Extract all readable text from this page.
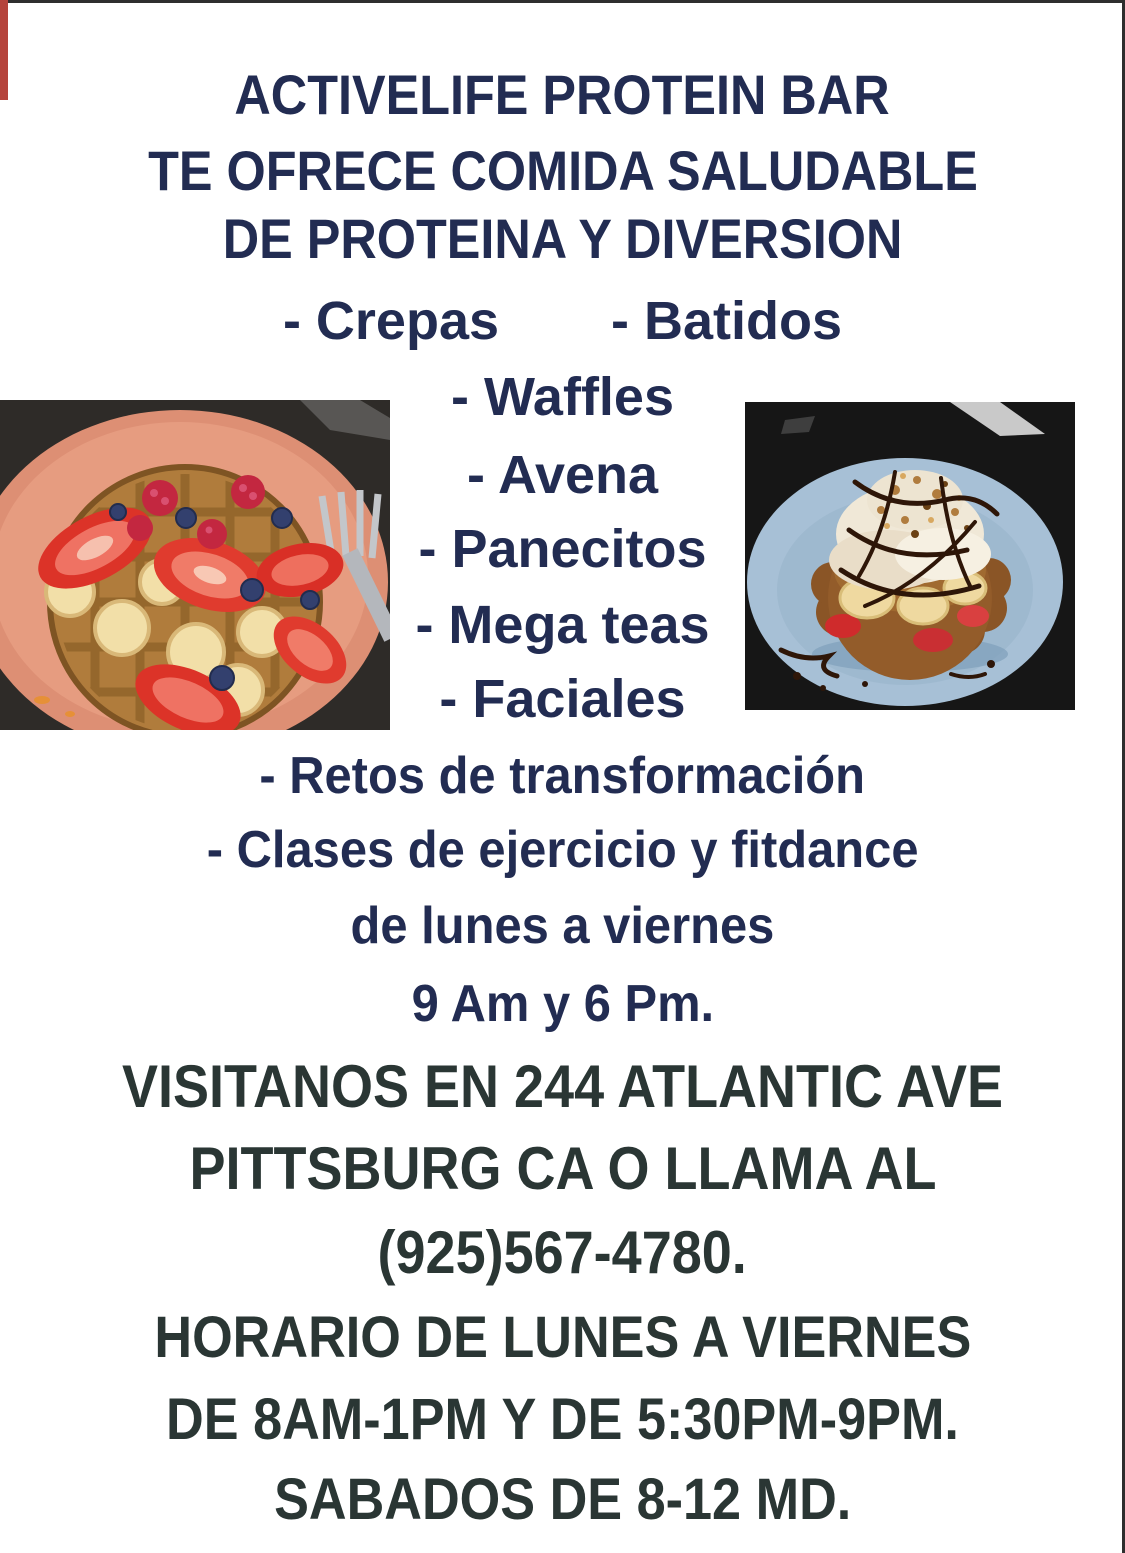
ACTIVELIFE PROTEIN BAR
TE OFRECE COMIDA SALUDABLE
DE PROTEINA Y DIVERSION
- Crepas - Batidos
- Waffles
- Avena
- Panecitos
- Mega teas
- Faciales
- Retos de transformación
- Clases de ejercicio y fitdance
de lunes a viernes
9 Am y 6 Pm.
VISITANOS EN 244 ATLANTIC AVE
PITTSBURG CA O LLAMA AL
(925)567-4780.
HORARIO DE LUNES A VIERNES
DE 8AM-1PM Y DE 5:30PM-9PM.
SABADOS DE 8-12 MD.
